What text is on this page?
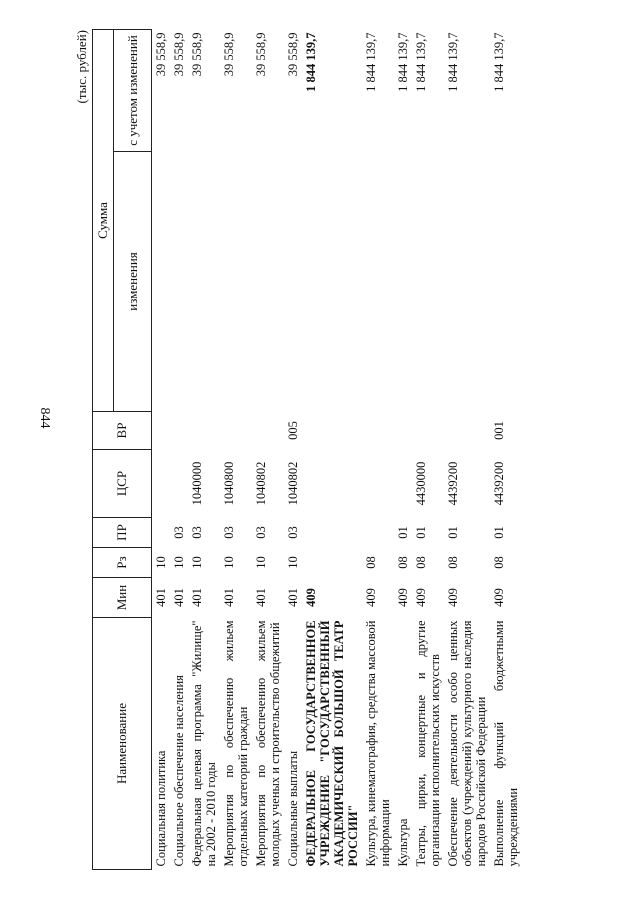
844
(тыс. рублей)
Наименование	Мин	Рз	ПР	ЦСР	ВР	Сумма	
						изменения	с учетом изменений
Социальная политика	401	10					39 558,9
Социальное обеспечение населения	401	10	03				39 558,9
Федеральная целевая программа "Жилище" на 2002 - 2010 годы	401	10	03	1040000			39 558,9
Мероприятия по обеспечению жильем отдельных категорий граждан	401	10	03	1040800			39 558,9
Мероприятия по обеспечению жильем молодых ученых и строительство общежитий	401	10	03	1040802			39 558,9
Социальные выплаты	401	10	03	1040802	005		39 558,9
ФЕДЕРАЛЬНОЕ ГОСУДАРСТВЕННОЕ УЧРЕЖДЕНИЕ "ГОСУДАРСТВЕННЫЙ АКАДЕМИЧЕСКИЙ БОЛЬШОЙ ТЕАТР РОССИИ"	409						1 844 139,7
Культура, кинематография, средства массовой информации	409	08					1 844 139,7
Культура	409	08	01				1 844 139,7
Театры, цирки, концертные и другие организации исполнительских искусств	409	08	01	4430000			1 844 139,7
Обеспечение деятельности особо ценных объектов (учреждений) культурного наследия народов Российской Федерации	409	08	01	4439200			1 844 139,7
Выполнение функций бюджетными учреждениями	409	08	01	4439200	001		1 844 139,7
